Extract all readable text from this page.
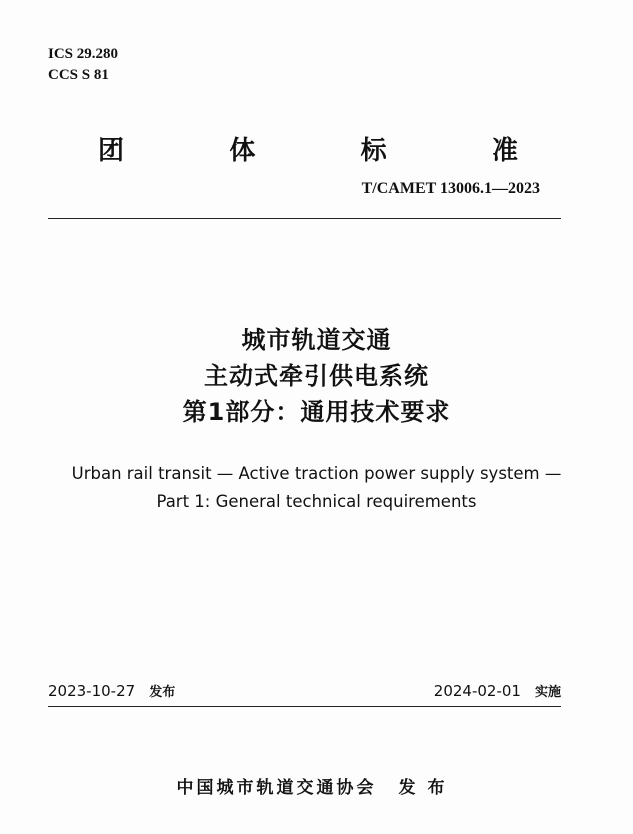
ICS 29.280
CCS S 81
团	体	标	准
T/CAMET 13006.1—2023
城市轨道交通
主动式牵引供电系统
第1部分：通用技术要求
Urban rail transit — Active traction power supply system —
Part 1: General technical requirements
2023-10-27 发布	2024-02-01 实施
中国城市轨道交通协会 发布
